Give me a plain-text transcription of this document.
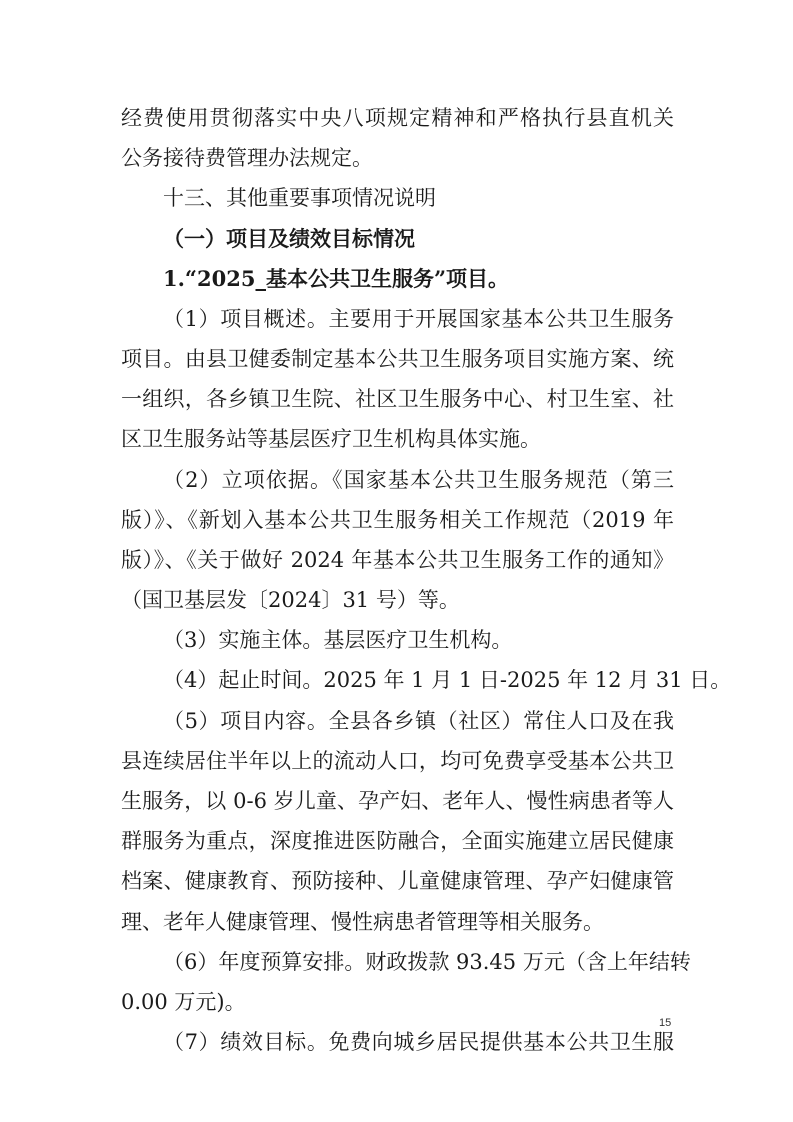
经费使用贯彻落实中央八项规定精神和严格执行县直机关
公务接待费管理办法规定。
十三、其他重要事项情况说明
（一）项目及绩效目标情况
1.“2025_基本公共卫生服务”项目。
（1）项目概述。主要用于开展国家基本公共卫生服务
项目。由县卫健委制定基本公共卫生服务项目实施方案、统
一组织，各乡镇卫生院、社区卫生服务中心、村卫生室、社
区卫生服务站等基层医疗卫生机构具体实施。
（2）立项依据。《国家基本公共卫生服务规范（第三
版）》、《新划入基本公共卫生服务相关工作规范（2019 年
版）》、《关于做好 2024 年基本公共卫生服务工作的通知》
（国卫基层发〔2024〕31 号）等。
（3）实施主体。基层医疗卫生机构。
（4）起止时间。2025 年 1 月 1 日-2025 年 12 月 31 日。
（5）项目内容。全县各乡镇（社区）常住人口及在我
县连续居住半年以上的流动人口，均可免费享受基本公共卫
生服务，以 0-6 岁儿童、孕产妇、老年人、慢性病患者等人
群服务为重点，深度推进医防融合，全面实施建立居民健康
档案、健康教育、预防接种、儿童健康管理、孕产妇健康管
理、老年人健康管理、慢性病患者管理等相关服务。
（6）年度预算安排。财政拨款 93.45 万元（含上年结转
0.00 万元)。
（7）绩效目标。免费向城乡居民提供基本公共卫生服
15
